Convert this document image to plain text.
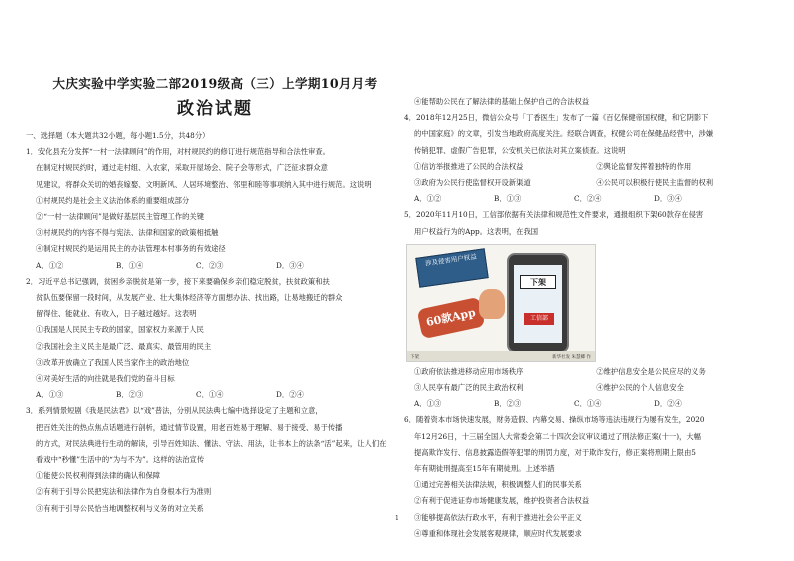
大庆实验中学实验二部2019级高（三）上学期10月月考
政治试题
一、选择题（本大题共32小题，每小题1.5分，共48分）
1．安化县充分发挥“一村一法律顾问”的作用，对村规民约的修订进行规范指导和合法性审查。
在制定村规民约时，通过走村组、入农家，采取开屋场会、院子会等形式，广泛征求群众意
见建议，将群众关切的婚丧嫁娶、文明新风、人居环境整治、邻里和睦等事项纳入其中进行规范。这说明
①村规民约是社会主义法治体系的重要组成部分
②“一村一法律顾问”是做好基层民主管理工作的关键
③村规民约的内容不得与宪法、法律和国家的政策相抵触
④制定村规民约是运用民主的办法管理本村事务的有效途径
A．①②	B．①④	C．②③	D．③④
2．习近平总书记强调，贫困乡亲脱贫是第一步，接下来要确保乡亲们稳定脱贫，扶贫政策和扶
贫队伍要保留一段时间，从发展产业、壮大集体经济等方面想办法、找出路，让易地搬迁的群众
留得住、能就业、有收入，日子越过越好。这表明
①我国是人民民主专政的国家，国家权力来源于人民
②我国社会主义民主是最广泛、最真实、最管用的民主
③改革开放确立了我国人民当家作主的政治地位
④对美好生活的向往就是我们党的奋斗目标
A．①③	B．②③	C．①④	D．②④
3．系列情景短剧《我是民法君》以“戏”普法，分别从民法典七编中选择设定了主题和立意，
把百姓关注的热点焦点话题进行剖析，通过情节设置，用老百姓易于理解、易于接受、易于传播
的方式，对民法典进行生动的解读，引导百姓知法、懂法、守法、用法，让书本上的法条“活”起来，让人们在
看戏中“秒懂”生活中的“为与不为”。这样的法治宣传
①能使公民权利得到法律的确认和保障
②有利于引导公民把宪法和法律作为自身根本行为准则
③有利于引导公民恰当地调整权利与义务的对立关系
④能帮助公民在了解法律的基础上保护自己的合法权益
4．2018年12月25日，微信公众号「丁香医生」发布了一篇《百亿保健帝国权健，和它阴影下
的中国家庭》的文章，引发当地政府高度关注。经联合调查，权健公司在保健品经营中，涉嫌
传销犯罪、虚假广告犯罪，公安机关已依法对其立案侦查。这说明
①信访举报推进了公民的合法权益	②舆论监督发挥着独特的作用
③政府为公民行使监督权开设新渠道	④公民可以积极行使民主监督的权利
A．①②	B．①③	C．②④	D．③④
5．2020年11月10日，工信部依据有关法律和规范性文件要求，通报组织下架60款存在侵害
用户权益行为的App。这表明，在我国
涉及侵害用户权益
60款App
下架
工信部
下架	新华社发 朱慧卿 作
①政府依法推进移动应用市场秩序	②维护信息安全是公民应尽的义务
③人民享有最广泛的民主政治权利	④维护公民的个人信息安全
A．①③	B．②③	C．①④	D．②④
6．随着资本市场快速发展，财务造假、内幕交易、操纵市场等违法违规行为屡有发生，2020
年12月26日，十三届全国人大常委会第二十四次会议审议通过了刑法修正案(十一)，大幅
提高欺诈发行、信息披露造假等犯罪的刑罚力度，对于欺诈发行，修正案将刑期上限由5
年有期徒刑提高至15年有期徒刑。上述举措
①通过完善相关法律法规，积极调整人们的民事关系
②有利于促进证券市场健康发展，维护投资者合法权益
③能够提高依法行政水平，有利于推进社会公平正义
④尊重和体现社会发展客观规律，顺应时代发展要求
1
